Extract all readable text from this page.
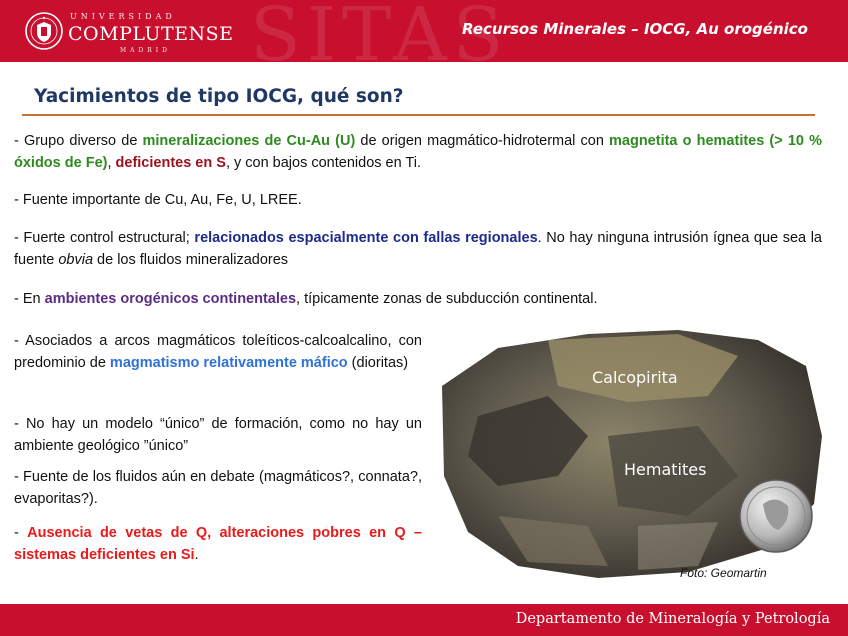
SITAS
UNIVERSIDAD
COMPLUTENSE
MADRID
Recursos Minerales – IOCG, Au orogénico
Yacimientos de tipo IOCG, qué son?
- Grupo diverso de mineralizaciones de Cu-Au (U) de origen magmático-hidrotermal con magnetita o hematites (> 10 % óxidos de Fe), deficientes en S, y con bajos contenidos en Ti.
- Fuente importante de Cu, Au, Fe, U, LREE.
- Fuerte control estructural; relacionados espacialmente con fallas regionales. No hay ninguna intrusión ígnea que sea la fuente obvia de los fluidos mineralizadores
- En ambientes orogénicos continentales, típicamente zonas de subducción continental.
- Asociados a arcos magmáticos toleíticos-calcoalcalino, con predominio de magmatismo relativamente máfico (dioritas)
- No hay un modelo “único” de formación, como no hay un ambiente geológico ”único”
- Fuente de los fluidos aún en debate (magmáticos?, connata?, evaporitas?).
- Ausencia de vetas de Q, alteraciones pobres en Q – sistemas deficientes en Si.
Calcopirita
Hematites
Foto: Geomartin
Departamento de Mineralogía y Petrología
